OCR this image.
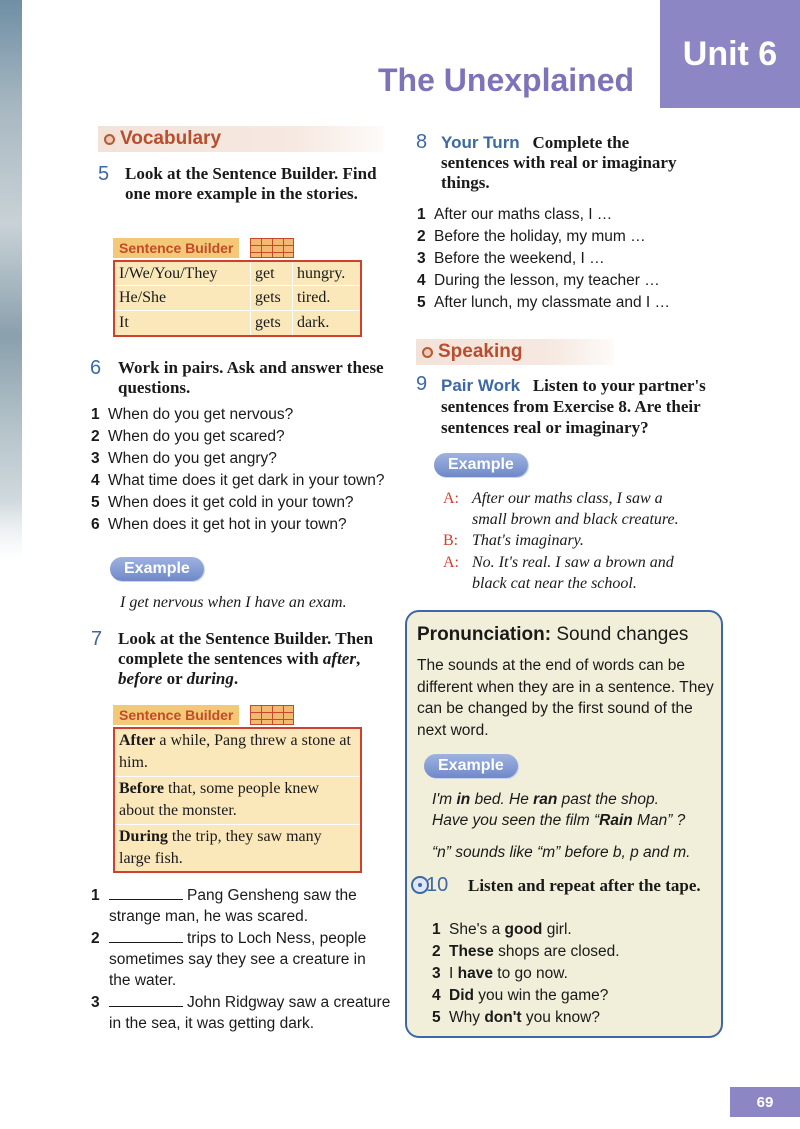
Unit 6
The Unexplained
Vocabulary
5 Look at the Sentence Builder. Find one more example in the stories.
Sentence Builder
I/We/You/They	get	hungry.
He/She	gets	tired.
It	gets	dark.
6 Work in pairs. Ask and answer these questions.
1 When do you get nervous?
2 When do you get scared?
3 When do you get angry?
4 What time does it get dark in your town?
5 When does it get cold in your town?
6 When does it get hot in your town?
Example
I get nervous when I have an exam.
7 Look at the Sentence Builder. Then complete the sentences with after, before or during.
Sentence Builder
After a while, Pang threw a stone at him.
Before that, some people knew about the monster.
During the trip, they saw many large fish.
1	Pang Gensheng saw the
strange man, he was scared.
2	trips to Loch Ness, people
sometimes say they see a creature in
the water.
3	John Ridgway saw a creature
in the sea, it was getting dark.
8 Your Turn Complete the sentences with real or imaginary things.
1 After our maths class, I …
2 Before the holiday, my mum …
3 Before the weekend, I …
4 During the lesson, my teacher …
5 After lunch, my classmate and I …
Speaking
9 Pair Work Listen to your partner's sentences from Exercise 8. Are their sentences real or imaginary?
Example
A: After our maths class, I saw a
small brown and black creature.
B: That's imaginary.
A: No. It's real. I saw a brown and
black cat near the school.
Pronunciation: Sound changes
The sounds at the end of words can be different when they are in a sentence. They can be changed by the first sound of the next word.
Example
I'm in bed. He ran past the shop.
Have you seen the film “Rain Man” ?
“n” sounds like “m” before b, p and m.
10 Listen and repeat after the tape.
1 She's a good girl.
2 These shops are closed.
3 I have to go now.
4 Did you win the game?
5 Why don't you know?
69
